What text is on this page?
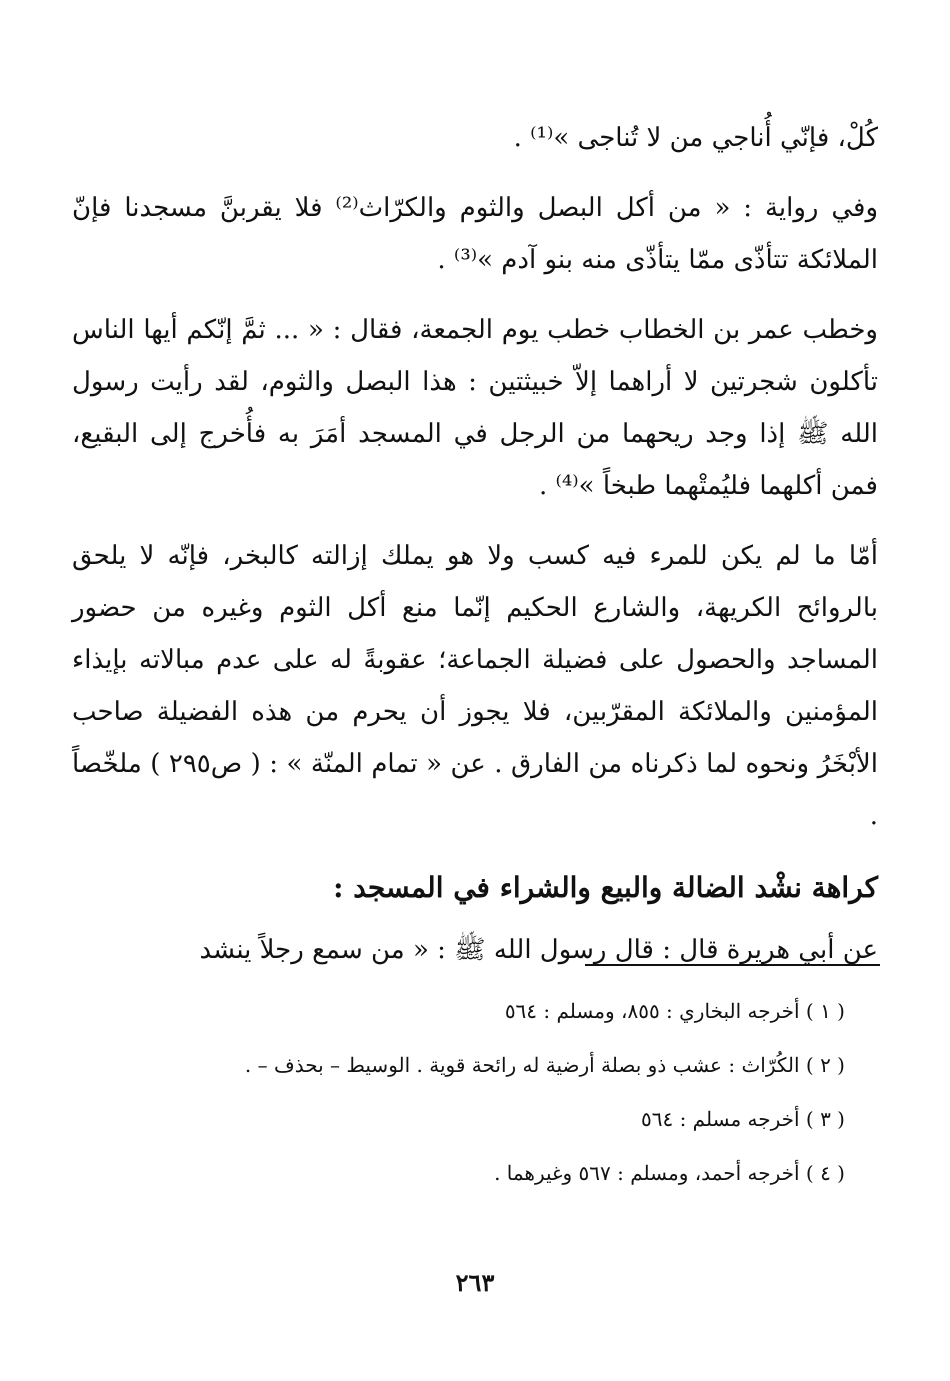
كُلْ، فإنّي أُناجي من لا تُناجى »⁽¹⁾ .

وفي رواية : « من أكل البصل والثوم والكرّاث⁽²⁾ فلا يقربنَّ مسجدنا فإنّ الملائكة تتأذّى ممّا يتأذّى منه بنو آدم »⁽³⁾ .

وخطب عمر بن الخطاب خطب يوم الجمعة، فقال : « ... ثمَّ إنّكم أيها الناس تأكلون شجرتين لا أراهما إلاّ خبيثتين : هذا البصل والثوم، لقد رأيت رسول الله ﷺ إذا وجد ريحهما من الرجل في المسجد أمَرَ به فأُخرج إلى البقيع، فمن أكلهما فليُمتْهما طبخاً »⁽⁴⁾ .

أمّا ما لم يكن للمرء فيه كسب ولا هو يملك إزالته كالبخر، فإنّه لا يلحق بالروائح الكريهة، والشارع الحكيم إنّما منع أكل الثوم وغيره من حضور المساجد والحصول على فضيلة الجماعة؛ عقوبةً له على عدم مبالاته بإيذاء المؤمنين والملائكة المقرّبين، فلا يجوز أن يحرم من هذه الفضيلة صاحب الأبْخَرُ ونحوه لما ذكرناه من الفارق . عن « تمام المنّة » : ( ص٢٩٥ ) ملخّصاً .

كراهة نشْد الضالة والبيع والشراء في المسجد :

عن أبي هريرة قال : قال رسول الله ﷺ : « من سمع رجلاً ينشد

( ١ ) أخرجه البخاري : ٨٥٥، ومسلم : ٥٦٤

( ٢ ) الكُرّاث : عشب ذو بصلة أرضية له رائحة قوية . الوسيط – بحذف – .

( ٣ ) أخرجه مسلم : ٥٦٤

( ٤ ) أخرجه أحمد، ومسلم : ٥٦٧ وغيرهما .

٢٦٣
